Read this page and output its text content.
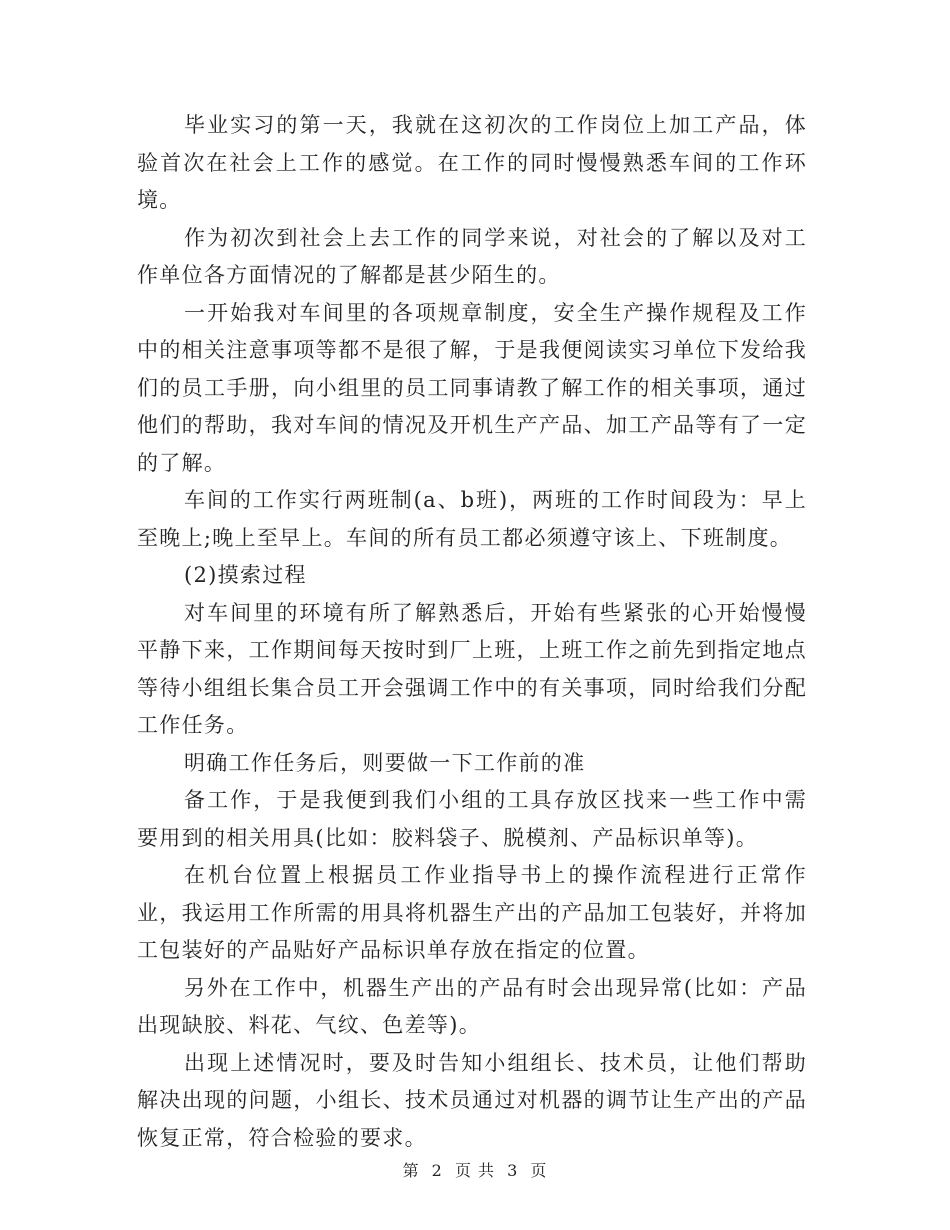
毕业实习的第一天，我就在这初次的工作岗位上加工产品，体验首次在社会上工作的感觉。在工作的同时慢慢熟悉车间的工作环境。

作为初次到社会上去工作的同学来说，对社会的了解以及对工作单位各方面情况的了解都是甚少陌生的。

一开始我对车间里的各项规章制度，安全生产操作规程及工作中的相关注意事项等都不是很了解，于是我便阅读实习单位下发给我们的员工手册，向小组里的员工同事请教了解工作的相关事项，通过他们的帮助，我对车间的情况及开机生产产品、加工产品等有了一定的了解。

车间的工作实行两班制(a、b班)，两班的工作时间段为：早上至晚上;晚上至早上。车间的所有员工都必须遵守该上、下班制度。

(2)摸索过程

对车间里的环境有所了解熟悉后，开始有些紧张的心开始慢慢平静下来，工作期间每天按时到厂上班，上班工作之前先到指定地点等待小组组长集合员工开会强调工作中的有关事项，同时给我们分配工作任务。

明确工作任务后，则要做一下工作前的准

备工作，于是我便到我们小组的工具存放区找来一些工作中需要用到的相关用具(比如：胶料袋子、脱模剂、产品标识单等)。

在机台位置上根据员工作业指导书上的操作流程进行正常作业，我运用工作所需的用具将机器生产出的产品加工包装好，并将加工包装好的产品贴好产品标识单存放在指定的位置。

另外在工作中，机器生产出的产品有时会出现异常(比如：产品出现缺胶、料花、气纹、色差等)。

出现上述情况时，要及时告知小组组长、技术员，让他们帮助解决出现的问题，小组长、技术员通过对机器的调节让生产出的产品恢复正常，符合检验的要求。

第 2 页 共 3 页
